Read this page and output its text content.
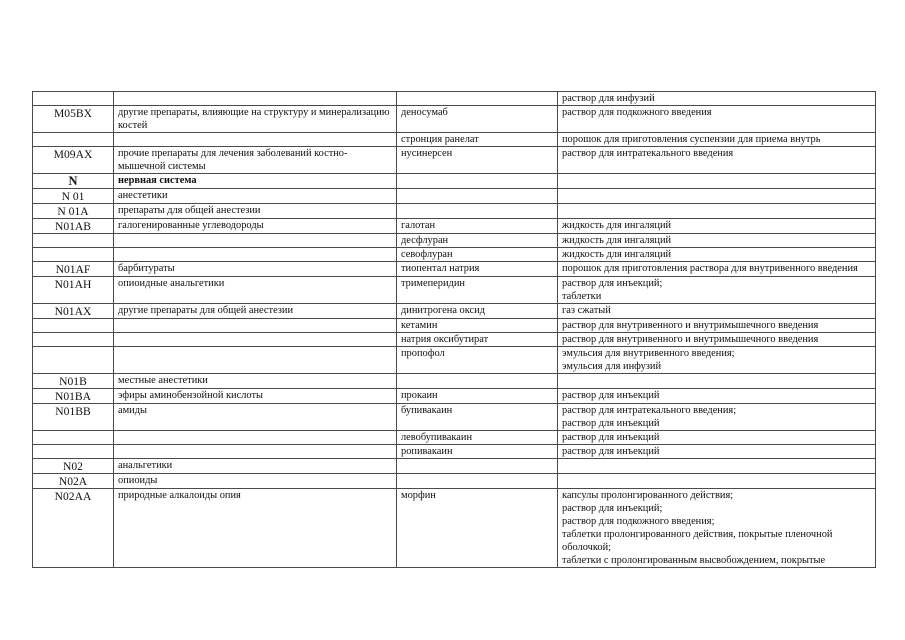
			раствор для инфузий
M05BX	другие препараты, влияющие на структуру и минерализацию костей	деносумаб	раствор для подкожного введения
		стронция ранелат	порошок для приготовления суспензии для приема внутрь
M09AX	прочие препараты для лечения заболеваний костно-мышечной системы	нусинерсен	раствор для интратекального введения
N	нервная система		
N 01	анестетики		
N 01A	препараты для общей анестезии		
N01AB	галогенированные углеводороды	галотан	жидкость для ингаляций
		десфлуран	жидкость для ингаляций
		севофлуран	жидкость для ингаляций
N01AF	барбитураты	тиопентал натрия	порошок для приготовления раствора для внутривенного введения
N01AH	опиоидные анальгетики	тримеперидин	раствор для инъекций;
таблетки
N01AX	другие препараты для общей анестезии	динитрогена оксид	газ сжатый
		кетамин	раствор для внутривенного и внутримышечного введения
		натрия оксибутират	раствор для внутривенного и внутримышечного введения
		пропофол	эмульсия для внутривенного введения;
эмульсия для инфузий
N01B	местные анестетики		
N01BA	эфиры аминобензойной кислоты	прокаин	раствор для инъекций
N01BB	амиды	бупивакаин	раствор для интратекального введения;
раствор для инъекций
		левобупивакаин	раствор для инъекций
		ропивакаин	раствор для инъекций
N02	анальгетики		
N02A	опиоиды		
N02AA	природные алкалоиды опия	морфин	капсулы пролонгированного действия;
раствор для инъекций;
раствор для подкожного введения;
таблетки пролонгированного действия, покрытые пленочной оболочкой;
таблетки с пролонгированным высвобождением, покрытые
